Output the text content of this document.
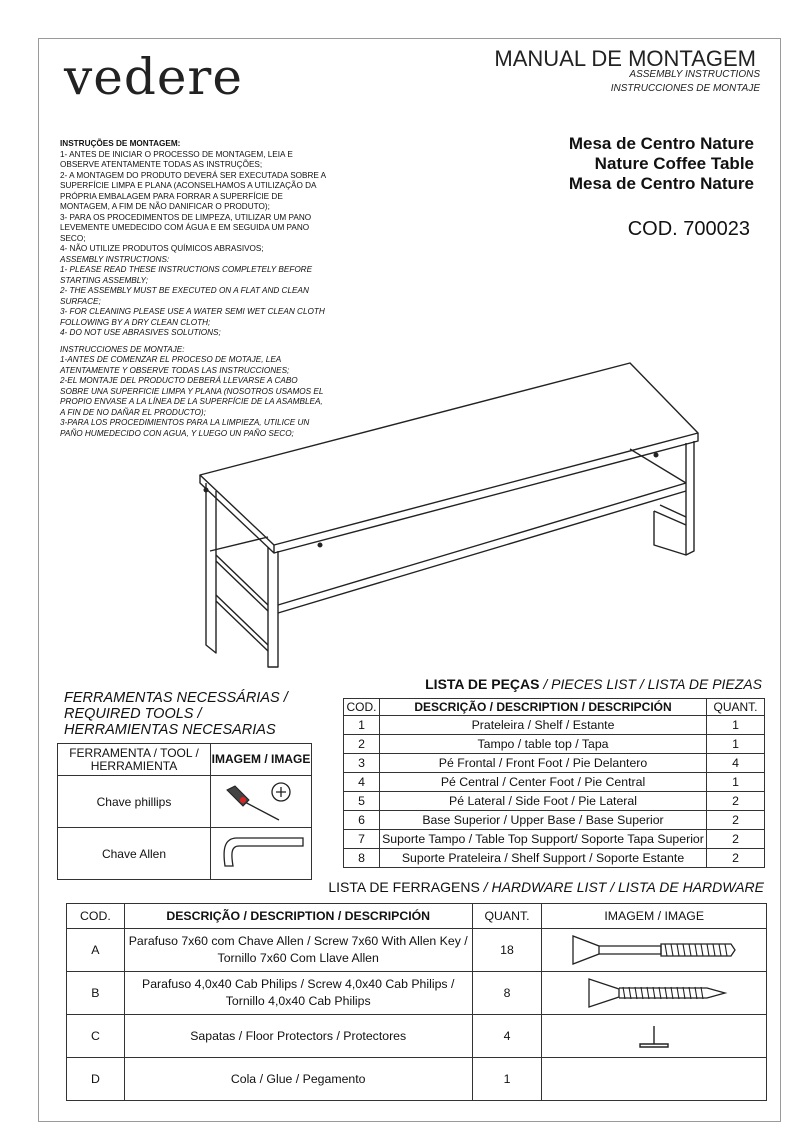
vedere	MANUAL DE MONTAGEM
ASSEMBLY INSTRUCTIONS
INSTRUCCIONES DE MONTAJE
Mesa de Centro Nature
Nature Coffee Table
Mesa de Centro Nature
COD. 700023
INSTRUÇÕES DE MONTAGEM:
1- ANTES DE INICIAR O PROCESSO DE MONTAGEM, LEIA E OBSERVE ATENTAMENTE TODAS AS INSTRUÇÕES;
2- A MONTAGEM DO PRODUTO DEVERÁ SER EXECUTADA SOBRE A SUPERFÍCIE LIMPA E PLANA (ACONSELHAMOS A UTILIZAÇÃO DA PRÓPRIA EMBALAGEM PARA FORRAR A SUPERFÍCIE DE MONTAGEM, A FIM DE NÃO DANIFICAR O PRODUTO);
3- PARA OS PROCEDIMENTOS DE LIMPEZA, UTILIZAR UM PANO LEVEMENTE UMEDECIDO COM ÁGUA E EM SEGUIDA UM PANO SECO;
4- NÃO UTILIZE PRODUTOS QUÍMICOS ABRASIVOS;
ASSEMBLY INSTRUCTIONS:
1- PLEASE READ THESE INSTRUCTIONS COMPLETELY BEFORE STARTING ASSEMBLY;
2- THE ASSEMBLY MUST BE EXECUTED ON A FLAT AND CLEAN SURFACE;
3- FOR CLEANING PLEASE USE A WATER SEMI WET CLEAN CLOTH FOLLOWING BY A DRY CLEAN CLOTH;
4- DO NOT USE ABRASIVES SOLUTIONS;
INSTRUCCIONES DE MONTAJE:
1-ANTES DE COMENZAR EL PROCESO DE MOTAJE, LEA ATENTAMENTE Y OBSERVE TODAS LAS INSTRUCCIONES;
2-EL MONTAJE DEL PRODUCTO DEBERÁ LLEVARSE A CABO SOBRE UNA SUPERFICIE LIMPA Y PLANA (NOSOTROS USAMOS EL PROPIO ENVASE A LA LÍNEA DE LA SUPERFÍCIE DE LA ASAMBLEA, A FIN DE NO DAÑAR EL PRODUCTO);
3-PARA LOS PROCEDIMIENTOS PARA LA LIMPIEZA, UTILICE UN PAÑO HUMEDECIDO CON AGUA, Y LUEGO UN PAÑO SECO;
FERRAMENTAS NECESSÁRIAS /
REQUIRED TOOLS /
HERRAMIENTAS NECESARIAS
FERRAMENTA / TOOL / HERRAMIENTA	IMAGEM / IMAGE
Chave phillips	

Chave Allen	
LISTA DE PEÇAS / PIECES LIST / LISTA DE PIEZAS
COD.	DESCRIÇÃO / DESCRIPTION / DESCRIPCIÓN	QUANT.
1	Prateleira / Shelf / Estante	1
2	Tampo / table top / Tapa	1
3	Pé Frontal / Front Foot / Pie Delantero	4
4	Pé Central / Center Foot / Pie Central	1
5	Pé Lateral / Side Foot / Pie Lateral	2
6	Base Superior / Upper Base / Base Superior	2
7	Suporte Tampo / Table Top Support/ Soporte Tapa Superior	2
8	Suporte Prateleira / Shelf Support / Soporte Estante	2
LISTA DE FERRAGENS / HARDWARE LIST / LISTA DE HARDWARE
COD.	DESCRIÇÃO / DESCRIPTION / DESCRIPCIÓN	QUANT.	IMAGEM / IMAGE
A	Parafuso 7x60 com Chave Allen / Screw 7x60 With Allen Key / Tornillo 7x60 Com Llave Allen	18	

B	Parafuso 4,0x40 Cab Philips / Screw 4,0x40 Cab Philips / Tornillo 4,0x40 Cab Philips	8	

C	Sapatas / Floor Protectors / Protectores	4	

D	Cola / Glue / Pegamento	1	
